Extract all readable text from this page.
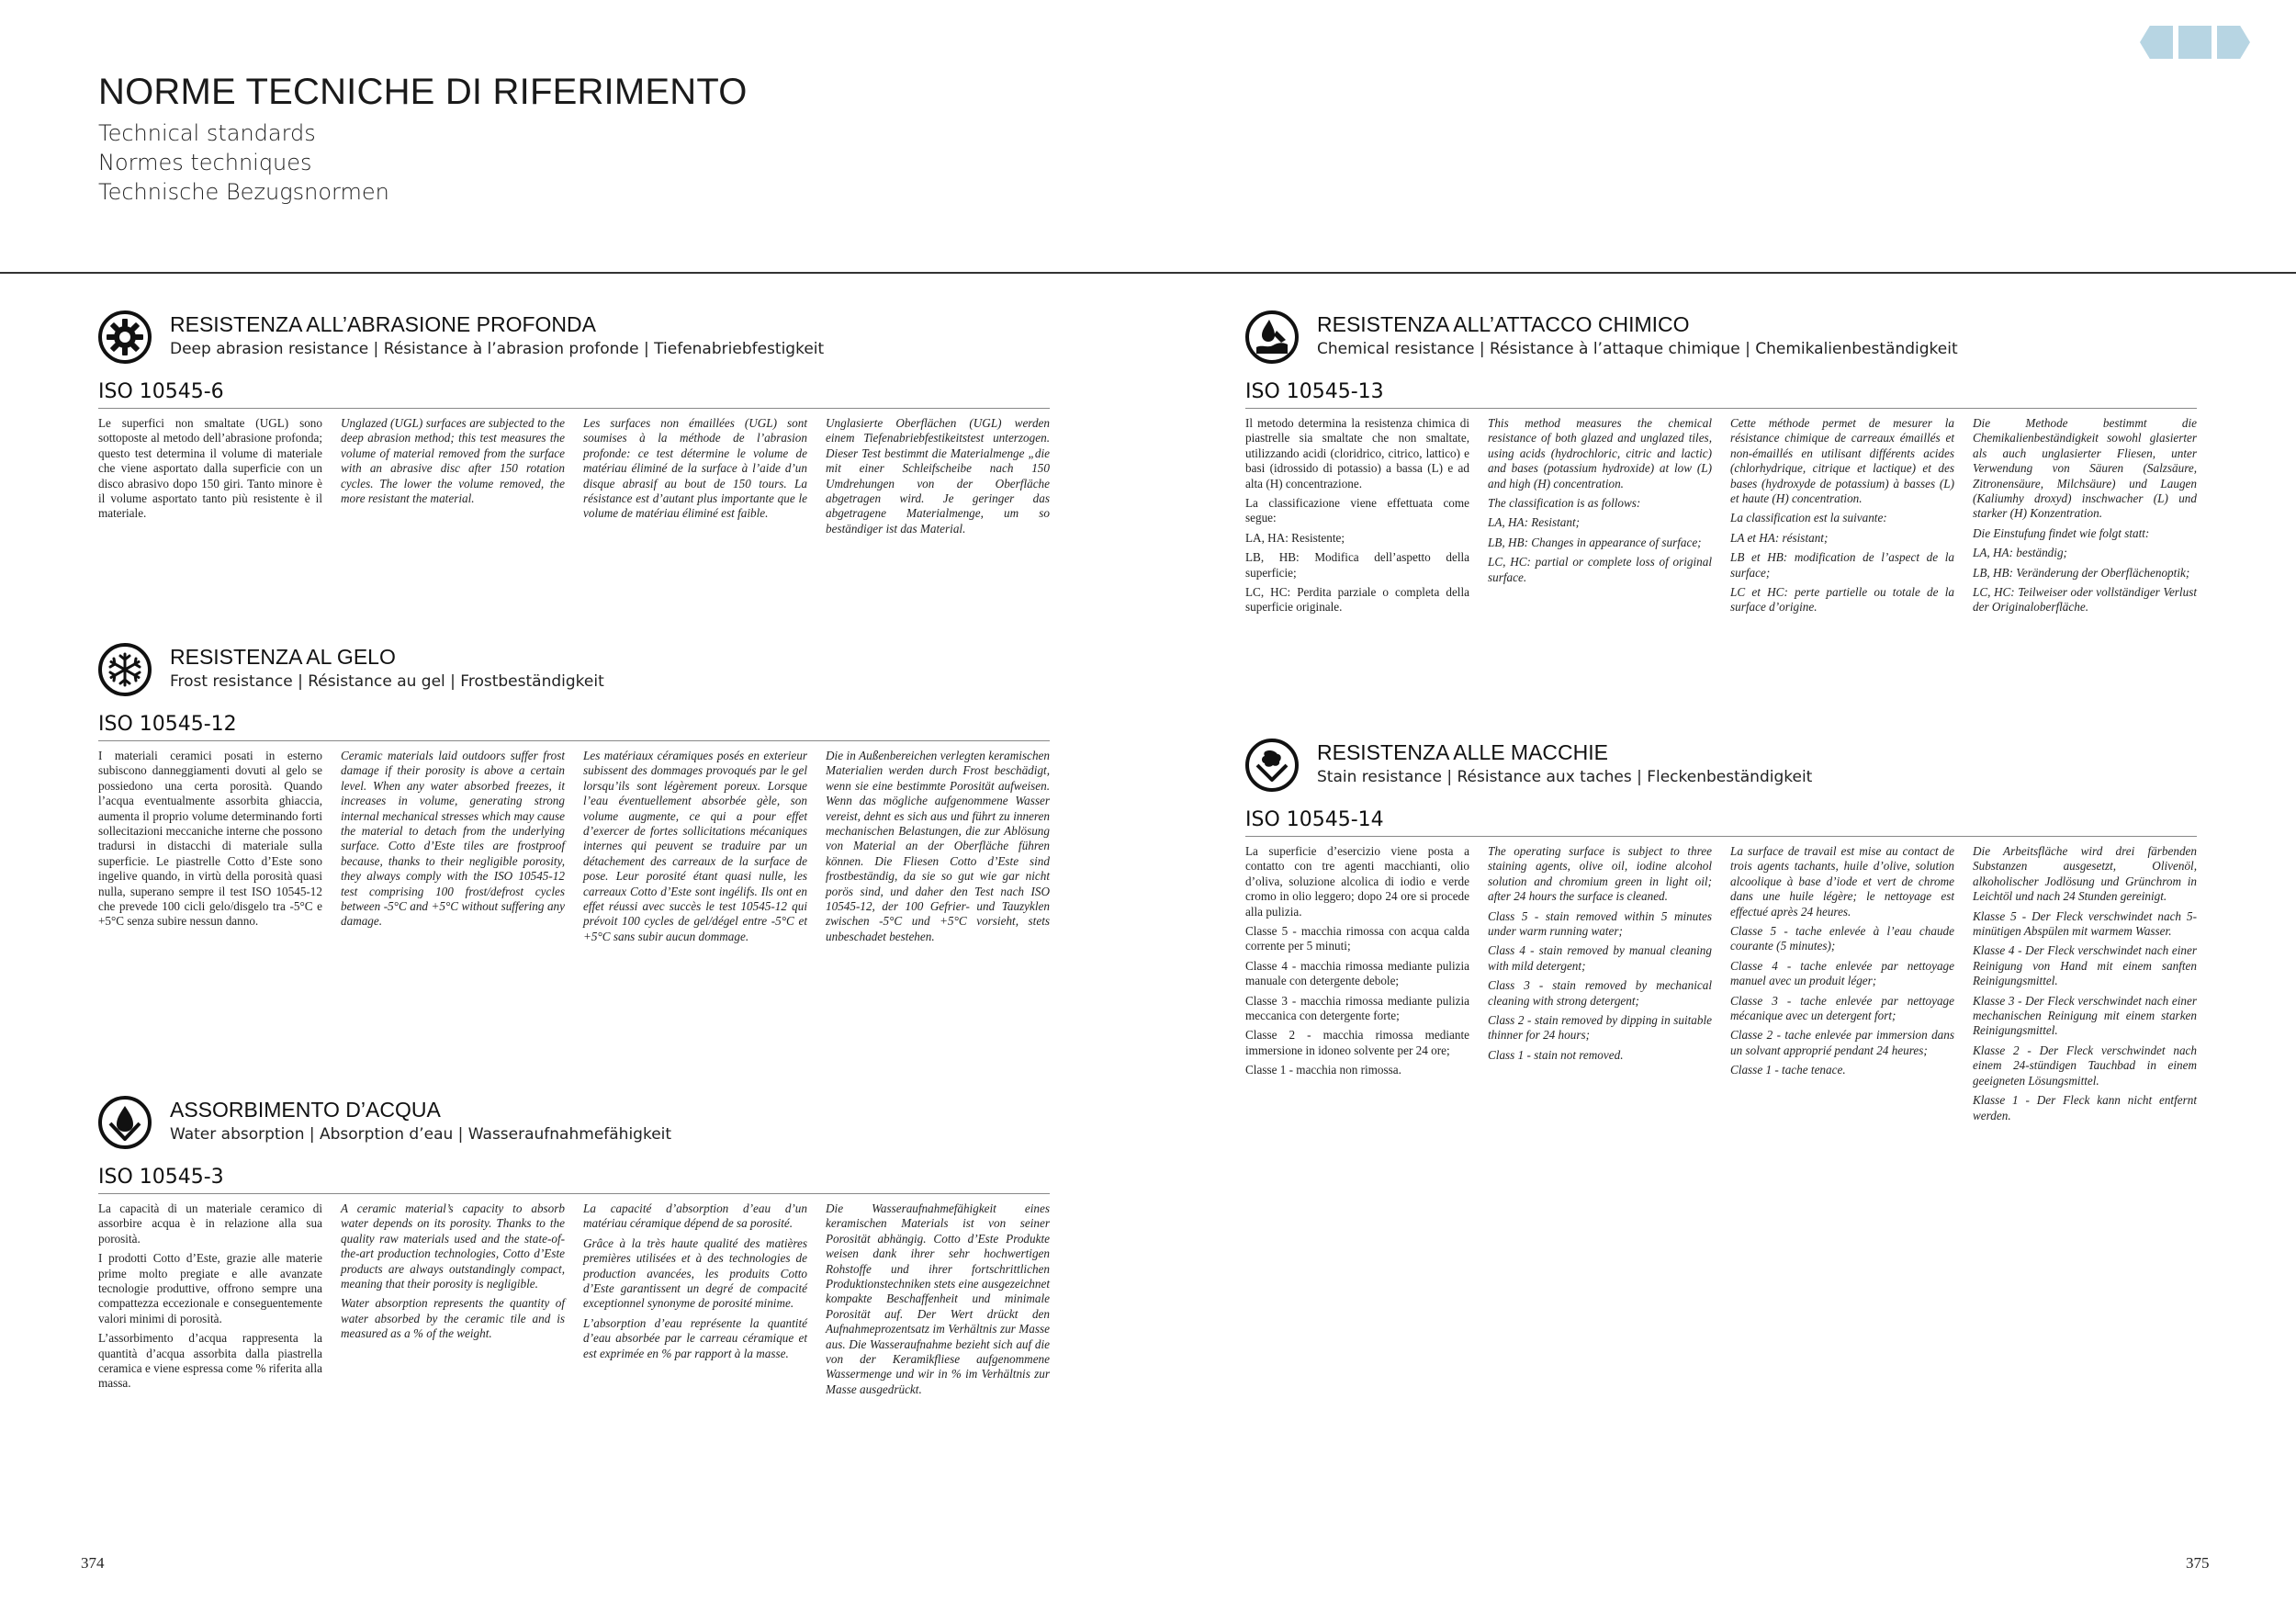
NORME TECNICHE DI RIFERIMENTO
Technical standards
Normes techniques
Technische Bezugsnormen
RESISTENZA ALL’ABRASIONE PROFONDA
Deep abrasion resistance | Résistance à l’abrasion profonde | Tiefenabriebfestigkeit
ISO 10545-6

Le superfici non smaltate (UGL) sono sottoposte al metodo dell’abrasione profonda; questo test determina il volume di materiale che viene asportato dalla superficie con un disco abrasivo dopo 150 giri. Tanto minore è il volume asportato tanto più resistente è il materiale.

Unglazed (UGL) surfaces are subjected to the deep abrasion method; this test measures the volume of material removed from the surface with an abrasive disc after 150 rotation cycles. The lower the volume removed, the more resistant the material.

Les surfaces non émaillées (UGL) sont soumises à la méthode de l’abrasion profonde: ce test détermine le volume de matériau éliminé de la surface à l’aide d’un disque abrasif au bout de 150 tours. La résistance est d’autant plus importante que le volume de matériau éliminé est faible.

Unglasierte Oberflächen (UGL) werden einem Tiefenabriebfestikeitstest unterzogen. Dieser Test bestimmt die Materialmenge „die mit einer Schleifscheibe nach 150 Umdrehungen von der Oberfläche abgetragen wird. Je geringer das abgetragene Materialmenge, um so beständiger ist das Material.

RESISTENZA AL GELO
Frost resistance | Résistance au gel | Frostbeständigkeit
ISO 10545-12

I materiali ceramici posati in esterno subiscono danneggiamenti dovuti al gelo se possiedono una certa porosità. Quando l’acqua eventualmente assorbita ghiaccia, aumenta il proprio volume determinando forti sollecitazioni meccaniche interne che possono tradursi in distacchi di materiale sulla superficie. Le piastrelle Cotto d’Este sono ingelive quando, in virtù della porosità quasi nulla, superano sempre il test ISO 10545-12 che prevede 100 cicli gelo/disgelo tra -5°C e +5°C senza subire nessun danno.

Ceramic materials laid outdoors suffer frost damage if their porosity is above a certain level. When any water absorbed freezes, it increases in volume, generating strong internal mechanical stresses which may cause the material to detach from the underlying surface. Cotto d’Este tiles are frostproof because, thanks to their negligible porosity, they always comply with the ISO 10545-12 test comprising 100 frost/defrost cycles between -5°C and +5°C without suffering any damage.

Les matériaux céramiques posés en exterieur subissent des dommages provoqués par le gel lorsqu’ils sont légèrement poreux. Lorsque l’eau éventuellement absorbée gèle, son volume augmente, ce qui a pour effet d’exercer de fortes sollicitations mécaniques internes qui peuvent se traduire par un détachement des carreaux de la surface de pose. Leur porosité étant quasi nulle, les carreaux Cotto d’Este sont ingélifs. Ils ont en effet réussi avec succès le test 10545-12 qui prévoit 100 cycles de gel/dégel entre -5°C et +5°C sans subir aucun dommage.

Die in Außenbereichen verlegten keramischen Materialien werden durch Frost beschädigt, wenn sie eine bestimmte Porosität aufweisen. Wenn das mögliche aufgenommene Wasser vereist, dehnt es sich aus und führt zu inneren mechanischen Belastungen, die zur Ablösung von Material an der Oberfläche führen können. Die Fliesen Cotto d’Este sind frostbeständig, da sie so gut wie gar nicht porös sind, und daher den Test nach ISO 10545-12, der 100 Gefrier- und Tauzyklen zwischen -5°C und +5°C vorsieht, stets unbeschadet bestehen.

ASSORBIMENTO D’ACQUA
Water absorption | Absorption d’eau | Wasseraufnahmefähigkeit
ISO 10545-3

La capacità di un materiale ceramico di assorbire acqua è in relazione alla sua porosità.

I prodotti Cotto d’Este, grazie alle materie prime molto pregiate e alle avanzate tecnologie produttive, offrono sempre una compattezza eccezionale e conseguentemente valori minimi di porosità.

L’assorbimento d’acqua rappresenta la quantità d’acqua assorbita dalla piastrella ceramica e viene espressa come % riferita alla massa.

A ceramic material’s capacity to absorb water depends on its porosity. Thanks to the quality raw materials used and the state-of-the-art production technologies, Cotto d’Este products are always outstandingly compact, meaning that their porosity is negligible.

Water absorption represents the quantity of water absorbed by the ceramic tile and is measured as a % of the weight.

La capacité d’absorption d’eau d’un matériau céramique dépend de sa porosité.

Grâce à la très haute qualité des matières premières utilisées et à des technologies de production avancées, les produits Cotto d’Este garantissent un degré de compacité exceptionnel synonyme de porosité minime.

L’absorption d’eau représente la quantité d’eau absorbée par le carreau céramique et est exprimée en % par rapport à la masse.

Die Wasseraufnahmefähigkeit eines keramischen Materials ist von seiner Porosität abhängig. Cotto d’Este Produkte weisen dank ihrer sehr hochwertigen Rohstoffe und ihrer fortschrittlichen Produktionstechniken stets eine ausgezeichnet kompakte Beschaffenheit und minimale Porosität auf. Der Wert drückt den Aufnahmeprozentsatz im Verhältnis zur Masse aus. Die Wasseraufnahme bezieht sich auf die von der Keramikfliese aufgenommene Wassermenge und wir in % im Verhältnis zur Masse ausgedrückt.

RESISTENZA ALL’ATTACCO CHIMICO
Chemical resistance | Résistance à l’attaque chimique | Chemikalienbeständigkeit
ISO 10545-13

Il metodo determina la resistenza chimica di piastrelle sia smaltate che non smaltate, utilizzando acidi (cloridrico, citrico, lattico) e basi (idrossido di potassio) a bassa (L) e ad alta (H) concentrazione.

La classificazione viene effettuata come segue:

LA, HA: Resistente;

LB, HB: Modifica dell’aspetto della superficie;

LC, HC: Perdita parziale o completa della superficie originale.

This method measures the chemical resistance of both glazed and unglazed tiles, using acids (hydrochloric, citric and lactic) and bases (potassium hydroxide) at low (L) and high (H) concentration.

The classification is as follows:

LA, HA: Resistant;

LB, HB: Changes in appearance of surface;

LC, HC: partial or complete loss of original surface.

Cette méthode permet de mesurer la résistance chimique de carreaux émaillés et non-émaillés en utilisant différents acides (chlorhydrique, citrique et lactique) et des bases (hydroxyde de potassium) à basses (L) et haute (H) concentration.

La classification est la suivante:

LA et HA: résistant;

LB et HB: modification de l’aspect de la surface;

LC et HC: perte partielle ou totale de la surface d’origine.

Die Methode bestimmt die Chemikalienbeständigkeit sowohl glasierter als auch unglasierter Fliesen, unter Verwendung von Säuren (Salzsäure, Zitronensäure, Milchsäure) und Laugen (Kaliumhy droxyd) inschwacher (L) und starker (H) Konzentration.

Die Einstufung findet wie folgt statt:

LA, HA: beständig;

LB, HB: Veränderung der Oberflächenoptik;

LC, HC: Teilweiser oder vollständiger Verlust der Originaloberfläche.

RESISTENZA ALLE MACCHIE
Stain resistance | Résistance aux taches | Fleckenbeständigkeit
ISO 10545-14

La superficie d’esercizio viene posta a contatto con tre agenti macchianti, olio d’oliva, soluzione alcolica di iodio e verde cromo in olio leggero; dopo 24 ore si procede alla pulizia.

Classe 5 - macchia rimossa con acqua calda corrente per 5 minuti;

Classe 4 - macchia rimossa mediante pulizia manuale con detergente debole;

Classe 3 - macchia rimossa mediante pulizia meccanica con detergente forte;

Classe 2 - macchia rimossa mediante immersione in idoneo solvente per 24 ore;

Classe 1 - macchia non rimossa.

The operating surface is subject to three staining agents, olive oil, iodine alcohol solution and chromium green in light oil; after 24 hours the surface is cleaned.

Class 5 - stain removed within 5 minutes under warm running water;

Class 4 - stain removed by manual cleaning with mild detergent;

Class 3 - stain removed by mechanical cleaning with strong detergent;

Class 2 - stain removed by dipping in suitable thinner for 24 hours;

Class 1 - stain not removed.

La surface de travail est mise au contact de trois agents tachants, huile d’olive, solution alcoolique à base d’iode et vert de chrome dans une huile légère; le nettoyage est effectué après 24 heures.

Classe 5 - tache enlevée à l’eau chaude courante (5 minutes);

Classe 4 - tache enlevée par nettoyage manuel avec un produit léger;

Classe 3 - tache enlevée par nettoyage mécanique avec un detergent fort;

Classe 2 - tache enlevée par immersion dans un solvant approprié pendant 24 heures;

Classe 1 - tache tenace.

Die Arbeitsfläche wird drei färbenden Substanzen ausgesetzt, Olivenöl, alkoholischer Jodlösung und Grünchrom in Leichtöl und nach 24 Stunden gereinigt.

Klasse 5 - Der Fleck verschwindet nach 5-minütigen Abspülen mit warmem Wasser.

Klasse 4 - Der Fleck verschwindet nach einer Reinigung von Hand mit einem sanften Reinigungsmittel.

Klasse 3 - Der Fleck verschwindet nach einer mechanischen Reinigung mit einem starken Reinigungsmittel.

Klasse 2 - Der Fleck verschwindet nach einem 24-stündigen Tauchbad in einem geeigneten Lösungsmittel.

Klasse 1 - Der Fleck kann nicht entfernt werden.

374	375
